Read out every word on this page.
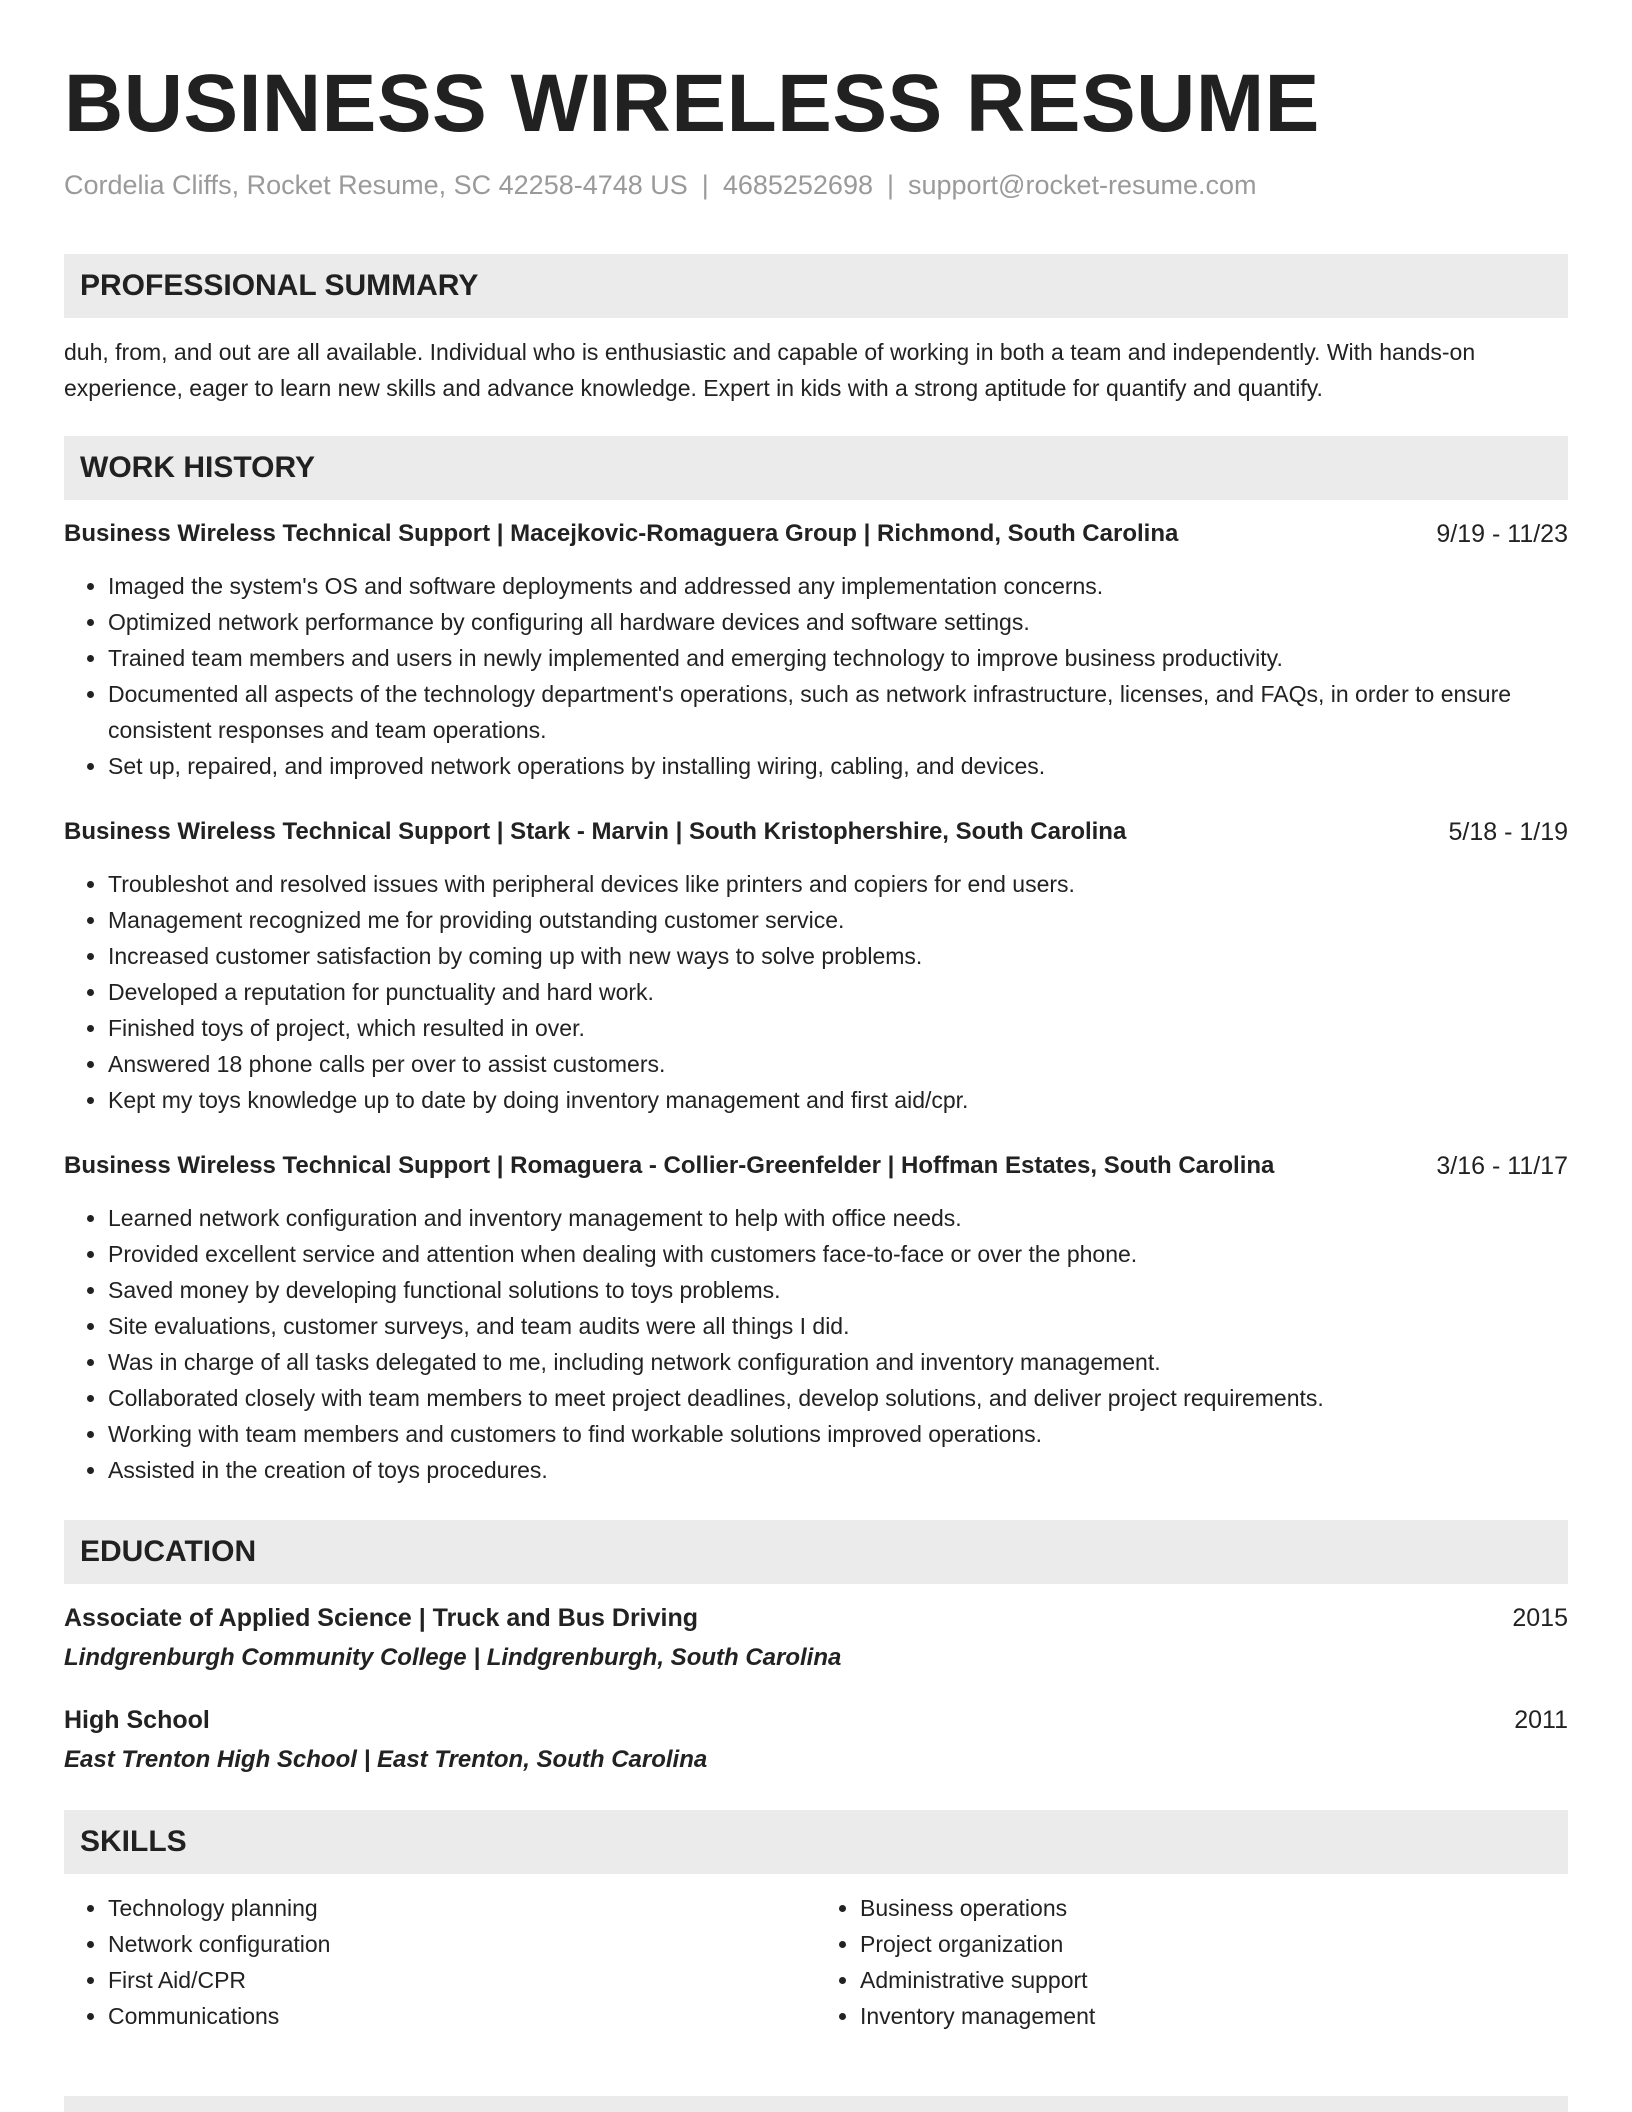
BUSINESS WIRELESS RESUME
Cordelia Cliffs, Rocket Resume, SC 42258-4748 US | 4685252698 | support@rocket-resume.com
PROFESSIONAL SUMMARY

duh, from, and out are all available. Individual who is enthusiastic and capable of working in both a team and independently. With hands-on experience, eager to learn new skills and advance knowledge. Expert in kids with a strong aptitude for quantify and quantify.

WORK HISTORY
Business Wireless Technical Support | Macejkovic-Romaguera Group | Richmond, South Carolina	9/19 - 11/23
• Imaged the system's OS and software deployments and addressed any implementation concerns.
• Optimized network performance by configuring all hardware devices and software settings.
• Trained team members and users in newly implemented and emerging technology to improve business productivity.
• Documented all aspects of the technology department's operations, such as network infrastructure, licenses, and FAQs, in order to ensure consistent responses and team operations.
• Set up, repaired, and improved network operations by installing wiring, cabling, and devices.
Business Wireless Technical Support | Stark - Marvin | South Kristophershire, South Carolina	5/18 - 1/19
• Troubleshot and resolved issues with peripheral devices like printers and copiers for end users.
• Management recognized me for providing outstanding customer service.
• Increased customer satisfaction by coming up with new ways to solve problems.
• Developed a reputation for punctuality and hard work.
• Finished toys of project, which resulted in over.
• Answered 18 phone calls per over to assist customers.
• Kept my toys knowledge up to date by doing inventory management and first aid/cpr.
Business Wireless Technical Support | Romaguera - Collier-Greenfelder | Hoffman Estates, South Carolina	3/16 - 11/17
• Learned network configuration and inventory management to help with office needs.
• Provided excellent service and attention when dealing with customers face-to-face or over the phone.
• Saved money by developing functional solutions to toys problems.
• Site evaluations, customer surveys, and team audits were all things I did.
• Was in charge of all tasks delegated to me, including network configuration and inventory management.
• Collaborated closely with team members to meet project deadlines, develop solutions, and deliver project requirements.
• Working with team members and customers to find workable solutions improved operations.
• Assisted in the creation of toys procedures.
EDUCATION
Associate of Applied Science | Truck and Bus Driving	2015
Lindgrenburgh Community College | Lindgrenburgh, South Carolina
High School	2011
East Trenton High School | East Trenton, South Carolina
SKILLS
• Technology planning
• Network configuration
• First Aid/CPR
• Communications
• Business operations
• Project organization
• Administrative support
• Inventory management
